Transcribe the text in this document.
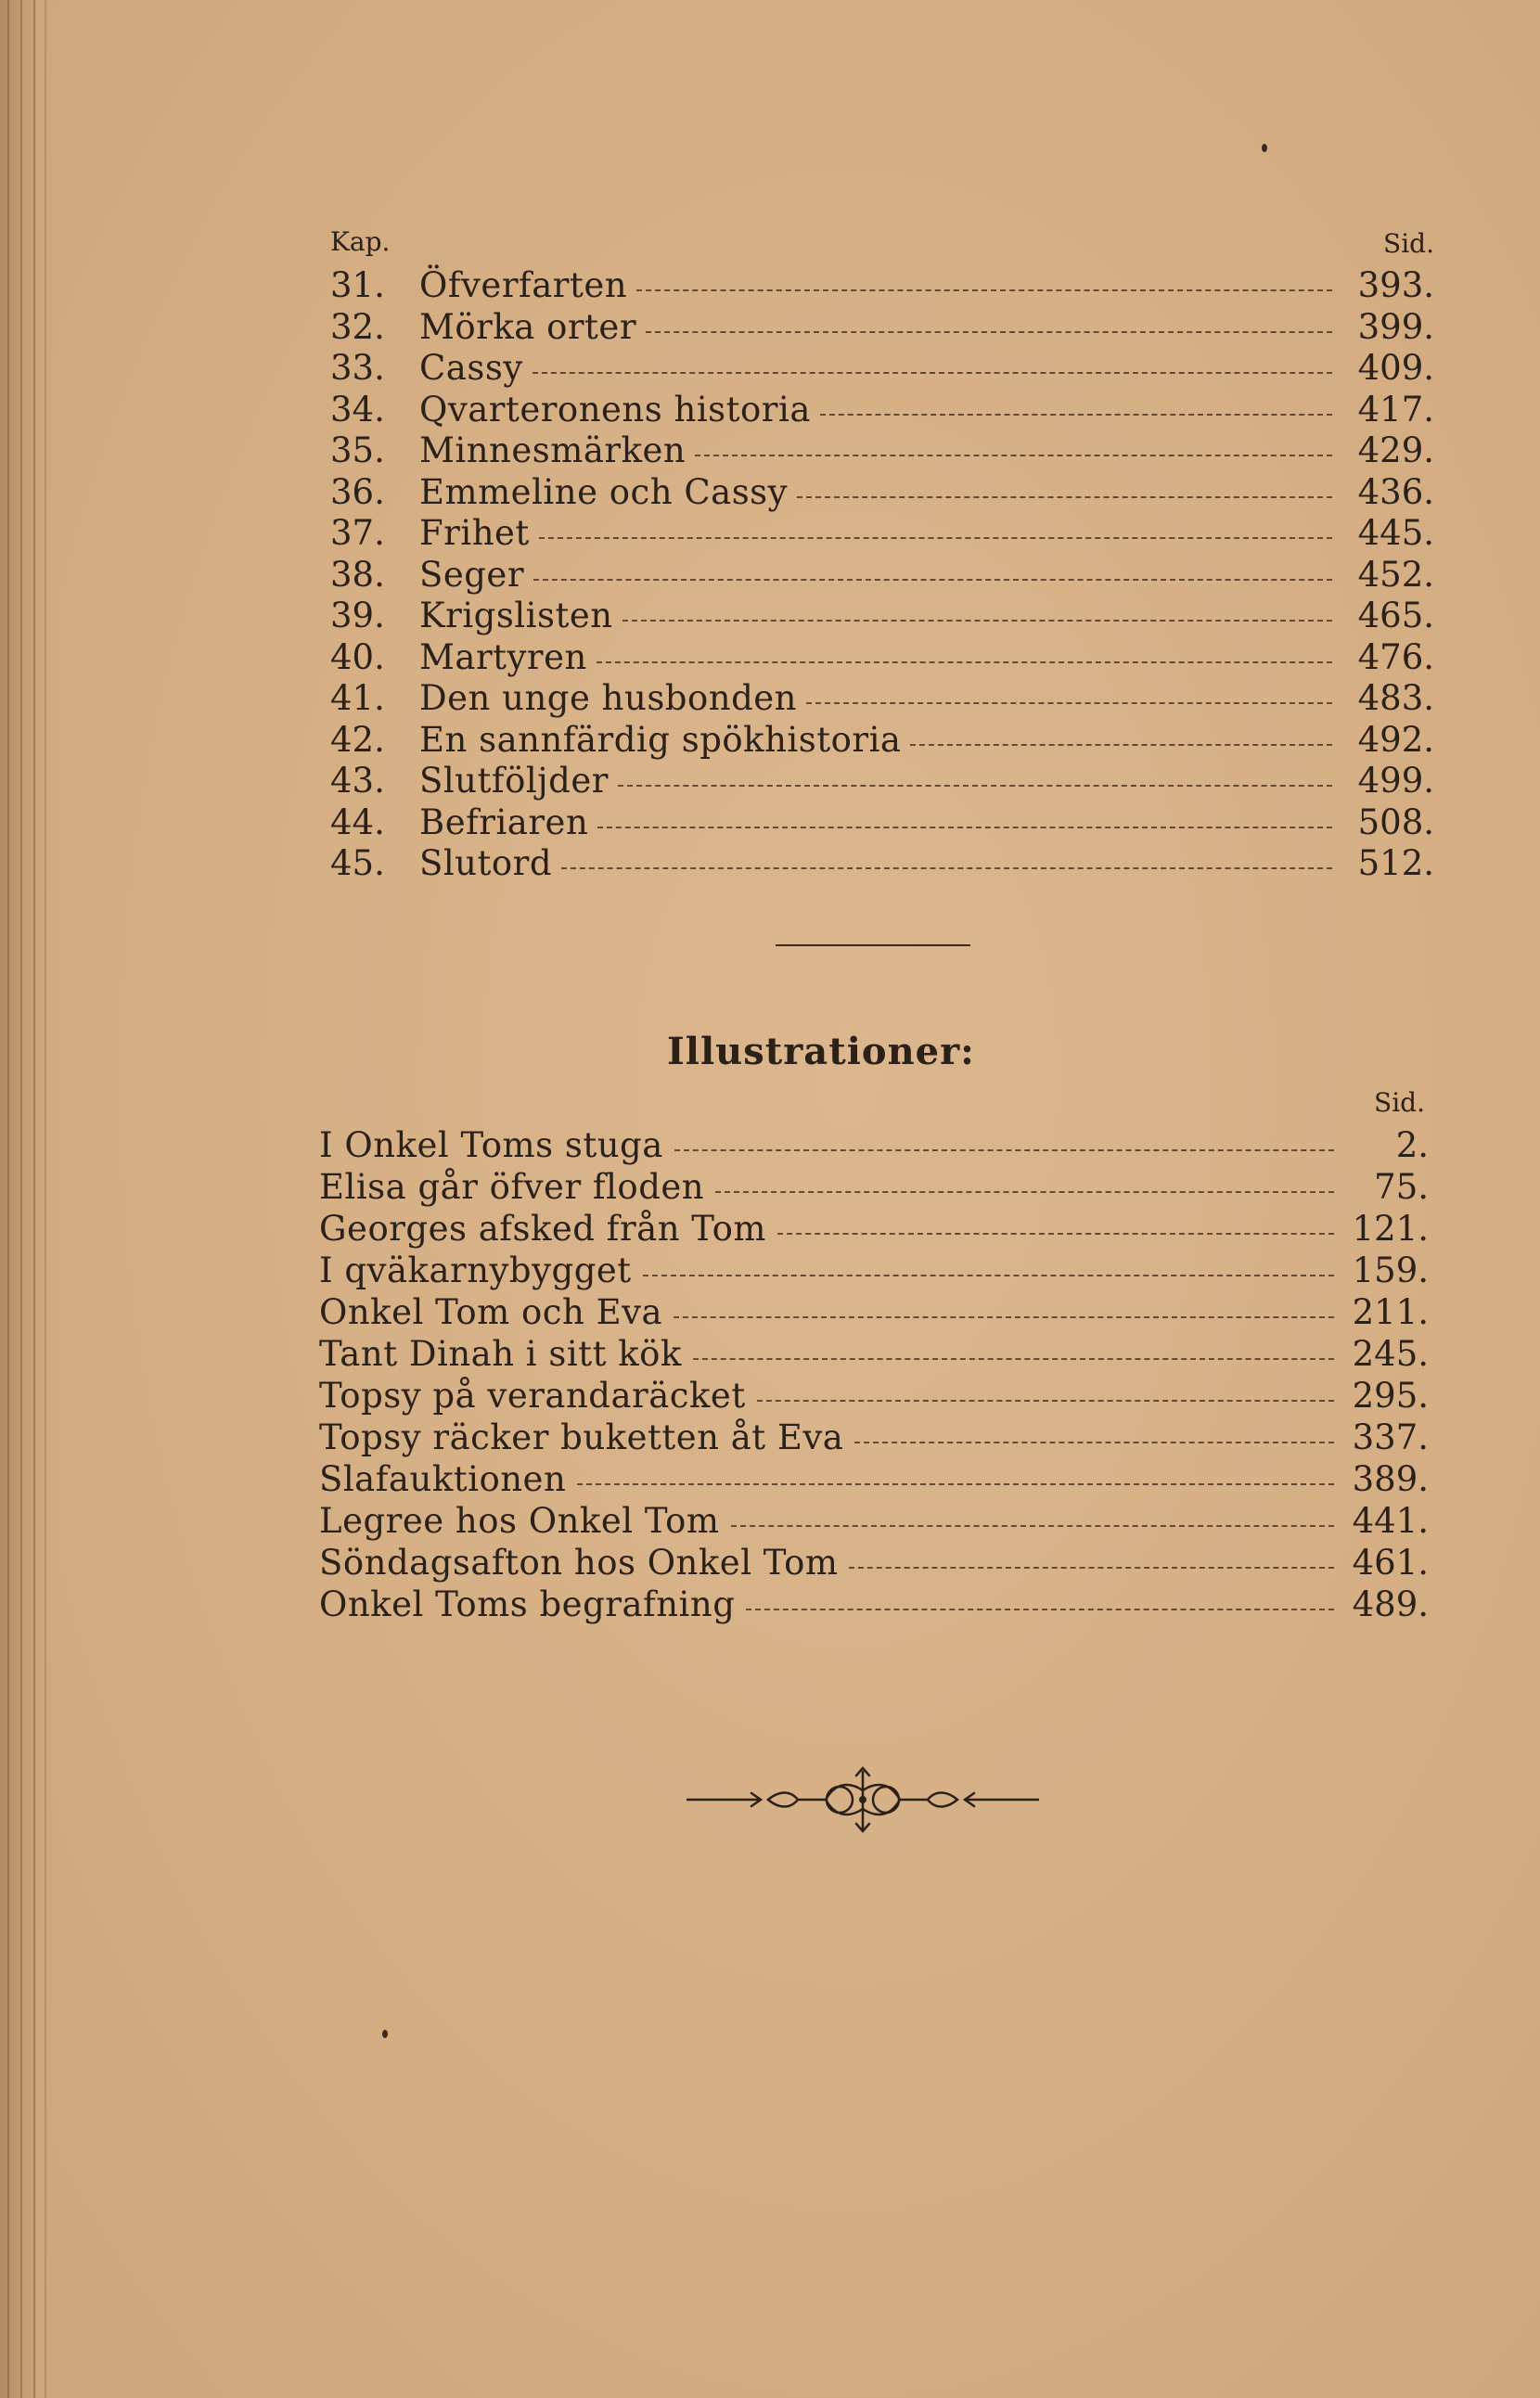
Kap.	Sid.
31.	Öfverfarten	393.
32.	Mörka orter	399.
33.	Cassy	409.
34.	Qvarteronens historia	417.
35.	Minnesmärken	429.
36.	Emmeline och Cassy	436.
37.	Frihet	445.
38.	Seger	452.
39.	Krigslisten	465.
40.	Martyren	476.
41.	Den unge husbonden	483.
42.	En sannfärdig spökhistoria	492.
43.	Slutföljder	499.
44.	Befriaren	508.
45.	Slutord	512.
Illustrationer:
Sid.
I Onkel Toms stuga	2.
Elisa går öfver floden	75.
Georges afsked från Tom	121.
I qväkarnybygget	159.
Onkel Tom och Eva	211.
Tant Dinah i sitt kök	245.
Topsy på verandaräcket	295.
Topsy räcker buketten åt Eva	337.
Slafauktionen	389.
Legree hos Onkel Tom	441.
Söndagsafton hos Onkel Tom	461.
Onkel Toms begrafning	489.
